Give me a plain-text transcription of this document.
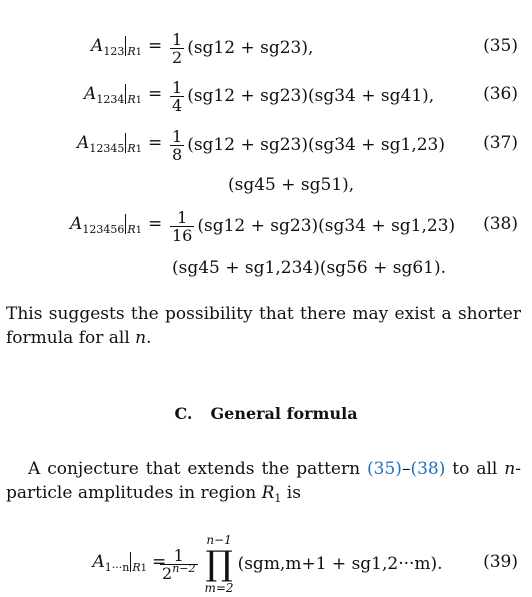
$A_{123}$ $_{R1} = \frac{1}{2} (sg12 + sg23)$,	(35)
$A_{1234}$ $_{R1} = \frac{1}{4} (sg12 + sg23)(sg34 + sg41)$,	(36)
$A_{12345}$ $_{R1} = \frac{1}{8} (sg12 + sg23)(sg34 + sg1,23)$ (37)
(sg45 + sg51),
$A_{123456}$ $_{R1} = \frac{1}{16} (sg12 + sg23)(sg34 + sg1,23)$ (38)
(sg45 + sg1,234)(sg56 + sg61).
This suggests the possibility that there may exist a shorter formula for all n.
C. General formula
A conjecture that extends the pattern (35)–(38) to all n-particle amplitudes in region $R_1$ is
$A_{1\cdot\cdot\cdot n}$ $_{R1}$ =
$\frac{1}{2^{n-2}}$
n−1
∏
m=2
(sgm,m+1 + sg1,2···m). (39)
